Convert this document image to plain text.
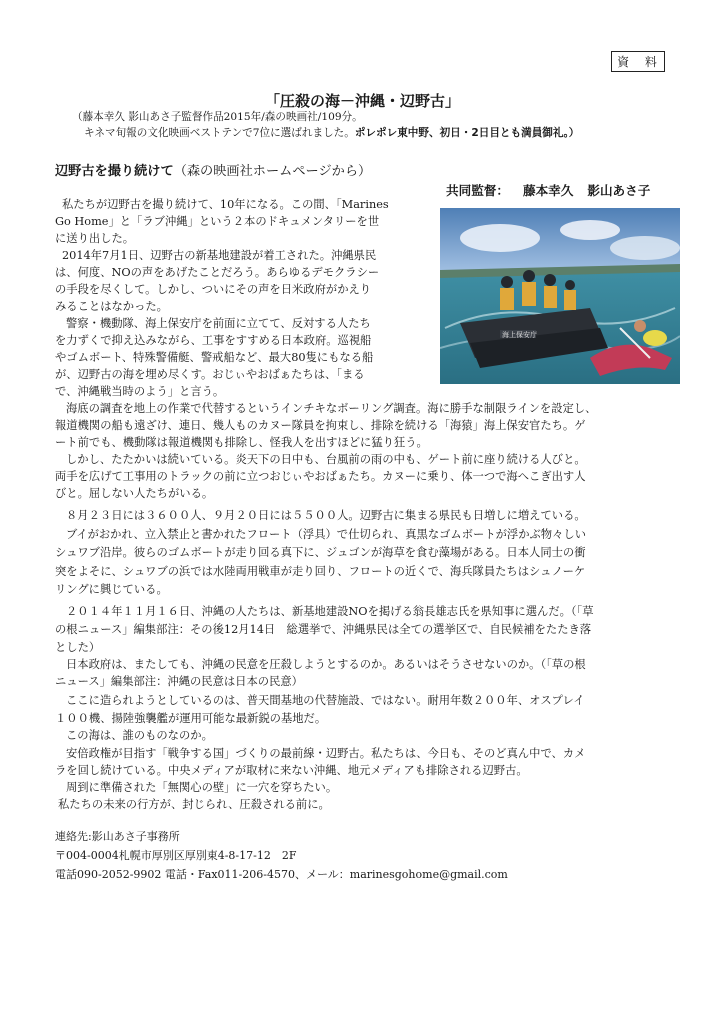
資 料
「圧殺の海－沖縄・辺野古」
（藤本幸久 影山あさ子監督作品2015年/森の映画社/109分。
キネマ旬報の文化映画ベストテンで7位に選ばれました。ポレポレ東中野、初日・2日目とも満員御礼。）
辺野古を撮り続けて（森の映画社ホームページから）
共同監督： 藤本幸久 影山あさ子
海上保安庁
私たちが辺野古を撮り続けて、10年になる。この間、「Marines
Go Home」と「ラブ沖縄」という２本のドキュメンタリーを世
に送り出した。
2014年7月1日、辺野古の新基地建設が着工された。沖縄県民
は、何度、NOの声をあげたことだろう。あらゆるデモクラシー
の手段を尽くして。しかし、ついにその声を日米政府がかえり
みることはなかった。
警察・機動隊、海上保安庁を前面に立てて、反対する人たち
を力ずくで抑え込みながら、工事をすすめる日本政府。巡視船
やゴムボート、特殊警備艇、警戒船など、最大80隻にもなる船
が、辺野古の海を埋め尽くす。おじぃやおばぁたちは、「まる
で、沖縄戦当時のよう」と言う。
海底の調査を地上の作業で代替するというインチキなボーリング調査。海に勝手な制限ラインを設定し、
報道機関の船も遠ざけ、連日、幾人ものカヌー隊員を拘束し、排除を続ける「海猿」海上保安官たち。ゲ
ート前でも、機動隊は報道機関も排除し、怪我人を出すほどに猛り狂う。
しかし、たたかいは続いている。炎天下の日中も、台風前の雨の中も、ゲート前に座り続ける人びと。
両手を広げて工事用のトラックの前に立つおじぃやおばぁたち。カヌーに乗り、体一つで海へこぎ出す人
びと。屈しない人たちがいる。
８月２３日には３６００人、９月２０日には５５００人。辺野古に集まる県民も日増しに増えている。
ブイがおかれ、立入禁止と書かれたフロート（浮具）で仕切られ、真黒なゴムボートが浮かぶ物々しい
シュワブ沿岸。彼らのゴムボートが走り回る真下に、ジュゴンが海草を食む藻場がある。日本人同士の衝
突をよそに、シュワブの浜では水陸両用戦車が走り回り、フロートの近くで、海兵隊員たちはシュノーケ
リングに興じている。
２０１４年１１月１６日、沖縄の人たちは、新基地建設NOを掲げる翁長雄志氏を県知事に選んだ。（「草
の根ニュース」編集部注：その後12月14日　総選挙で、沖縄県民は全ての選挙区で、自民候補をたたき落
とした）
日本政府は、またしても、沖縄の民意を圧殺しようとするのか。あるいはそうさせないのか。（「草の根
ニュース」編集部注：沖縄の民意は日本の民意）
ここに造られようとしているのは、普天間基地の代替施設、ではない。耐用年数２００年、オスプレイ
１００機、揚陸強襲艦が運用可能な最新鋭の基地だ。
この海は、誰のものなのか。
安倍政権が目指す「戦争する国」づくりの最前線・辺野古。私たちは、今日も、そのど真ん中で、カメ
ラを回し続けている。中央メディアが取材に来ない沖縄、地元メディアも排除される辺野古。
周到に準備された「無関心の壁」に一穴を穿ちたい。
私たちの未来の行方が、封じられ、圧殺される前に。
連絡先:影山あさ子事務所
〒004-0004札幌市厚別区厚別東4-8-17-12　2F
電話090-2052-9902 電話・Fax011-206-4570、メール：marinesgohome@gmail.com
